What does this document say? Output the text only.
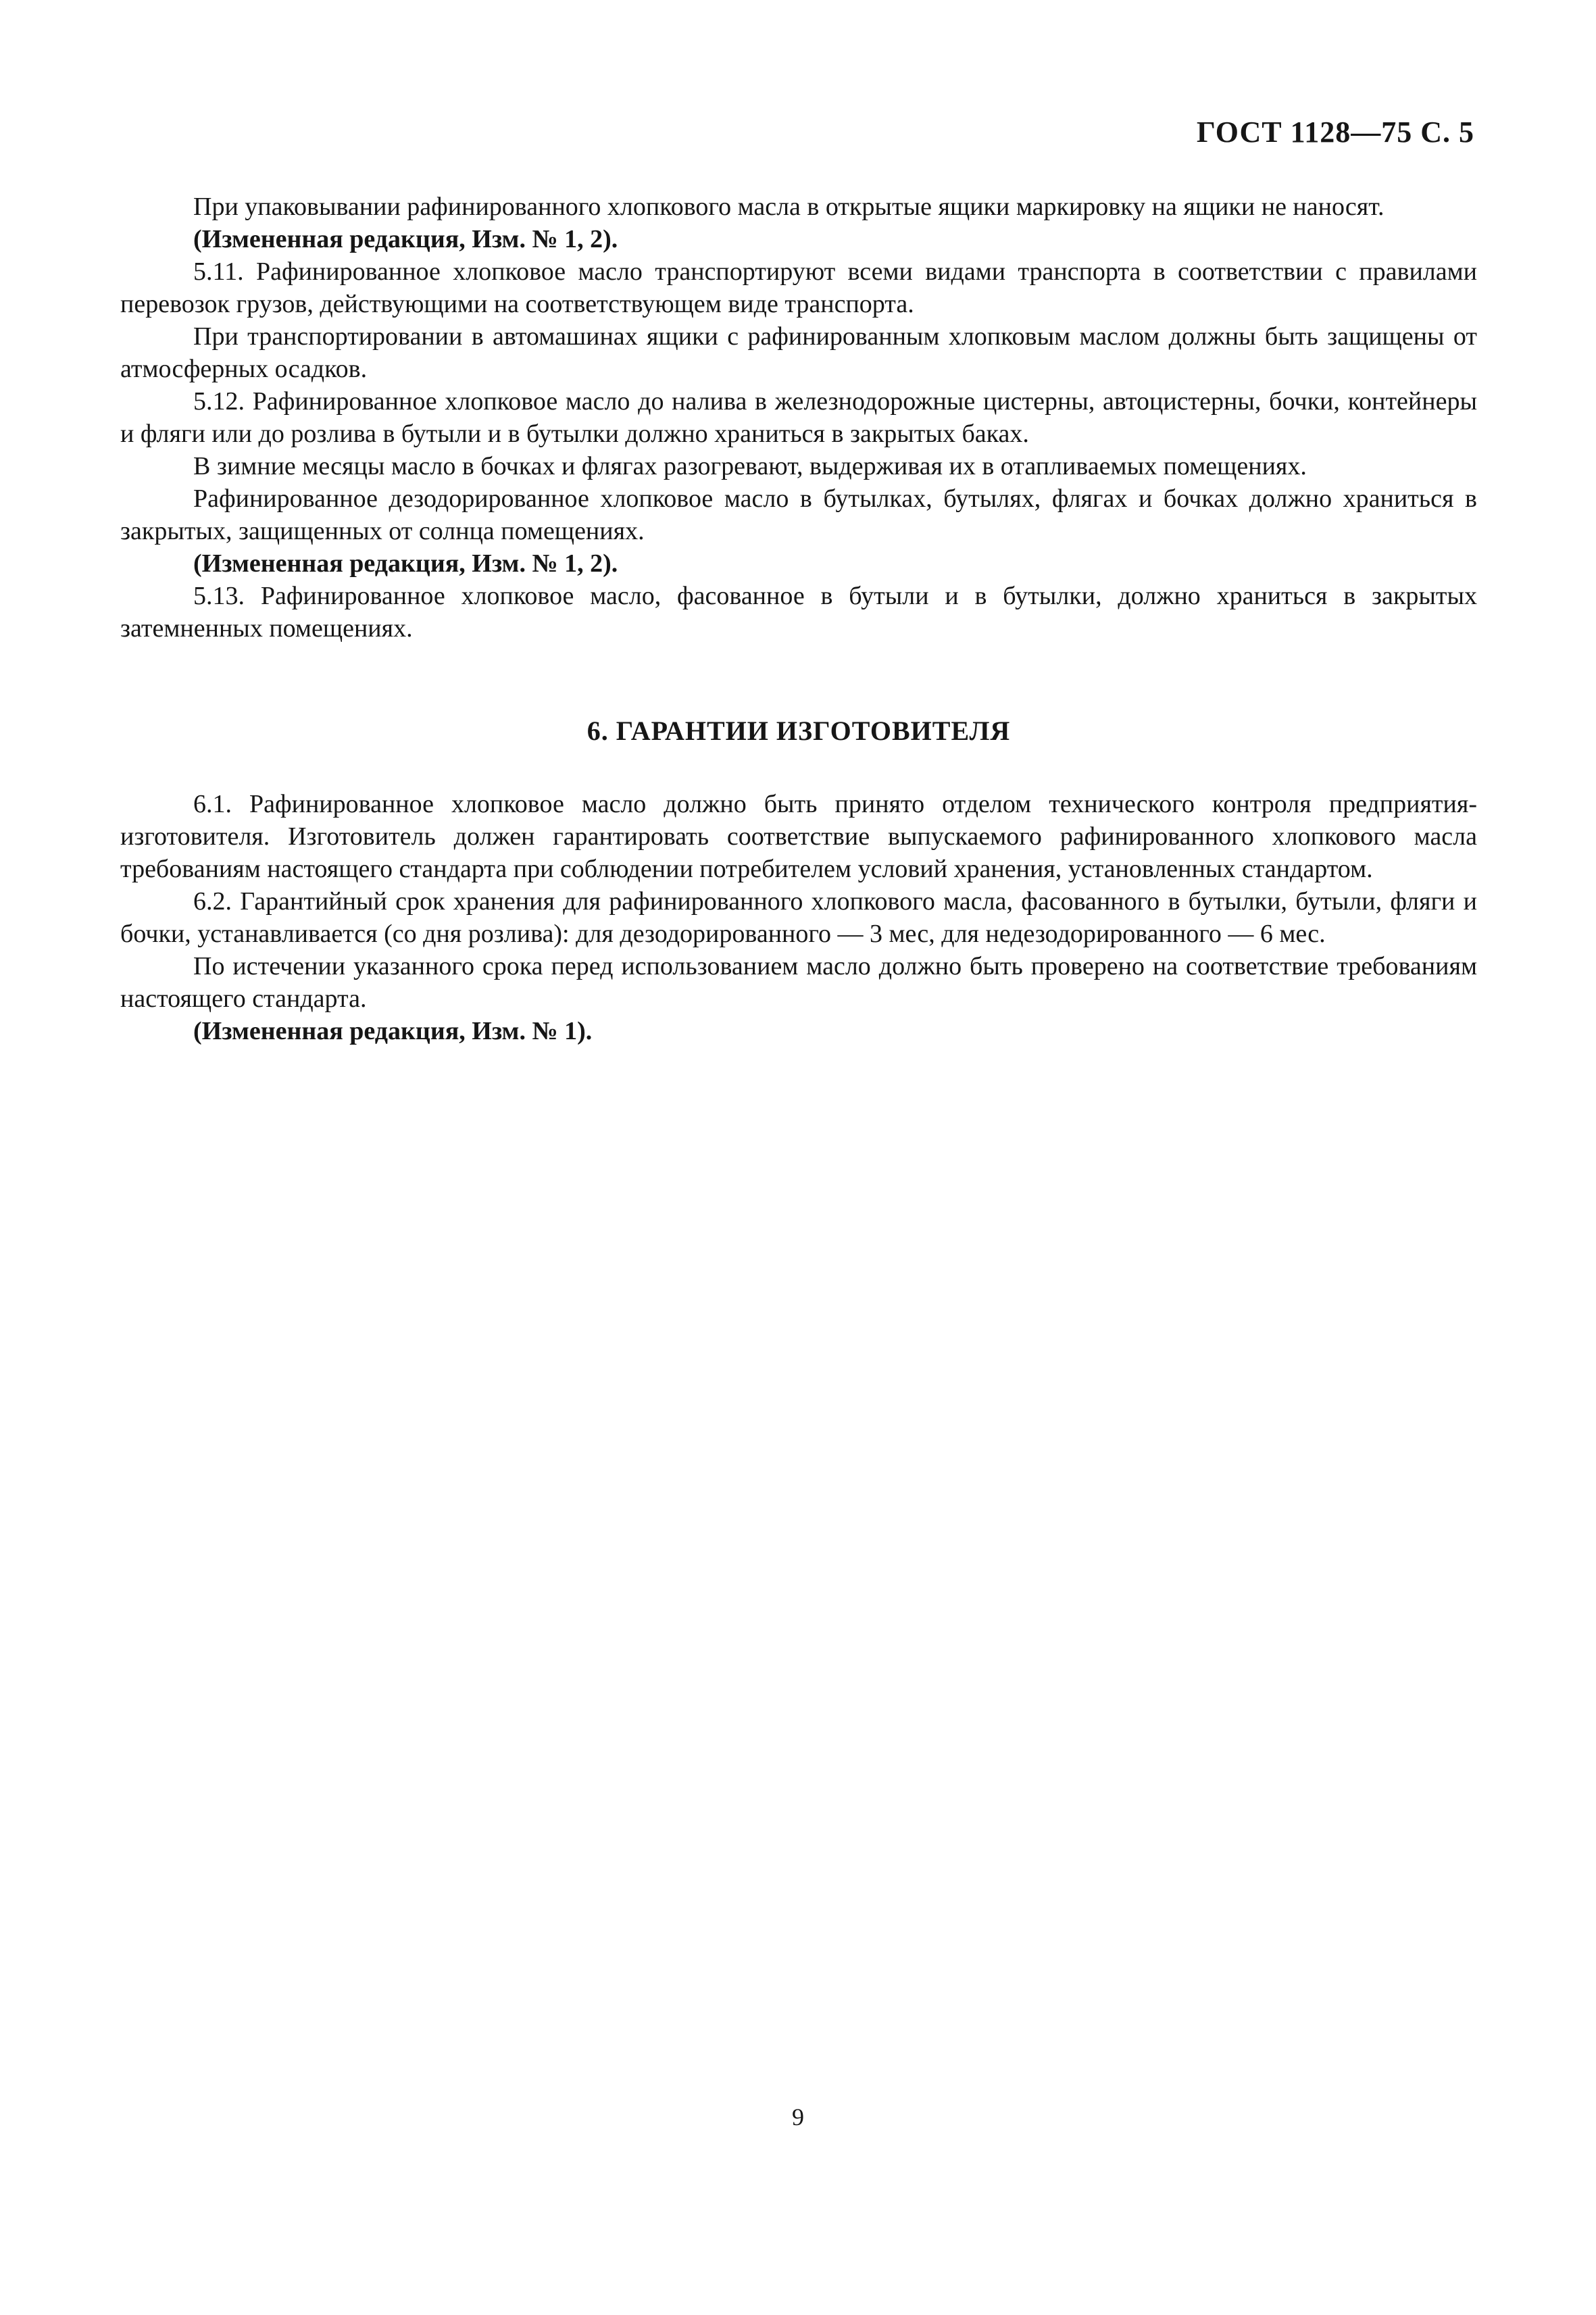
ГОСТ 1128—75 С. 5

При упаковывании рафинированного хлопкового масла в открытые ящики маркировку на ящики не наносят.

(Измененная редакция, Изм. № 1, 2).

5.11. Рафинированное хлопковое масло транспортируют всеми видами транспорта в соответствии с правилами перевозок грузов, действующими на соответствующем виде транспорта.

При транспортировании в автомашинах ящики с рафинированным хлопковым маслом должны быть защищены от атмосферных осадков.

5.12. Рафинированное хлопковое масло до налива в железнодорожные цистерны, автоцистерны, бочки, контейнеры и фляги или до розлива в бутыли и в бутылки должно храниться в закрытых баках.

В зимние месяцы масло в бочках и флягах разогревают, выдерживая их в отапливаемых помещениях.

Рафинированное дезодорированное хлопковое масло в бутылках, бутылях, флягах и бочках должно храниться в закрытых, защищенных от солнца помещениях.

(Измененная редакция, Изм. № 1, 2).

5.13. Рафинированное хлопковое масло, фасованное в бутыли и в бутылки, должно храниться в закрытых затемненных помещениях.

6. ГАРАНТИИ ИЗГОТОВИТЕЛЯ

6.1. Рафинированное хлопковое масло должно быть принято отделом технического контроля предприятия-изготовителя. Изготовитель должен гарантировать соответствие выпускаемого рафинированного хлопкового масла требованиям настоящего стандарта при соблюдении потребителем условий хранения, установленных стандартом.

6.2. Гарантийный срок хранения для рафинированного хлопкового масла, фасованного в бутылки, бутыли, фляги и бочки, устанавливается (со дня розлива): для дезодорированного — 3 мес, для недезодорированного — 6 мес.

По истечении указанного срока перед использованием масло должно быть проверено на соответствие требованиям настоящего стандарта.

(Измененная редакция, Изм. № 1).

9
